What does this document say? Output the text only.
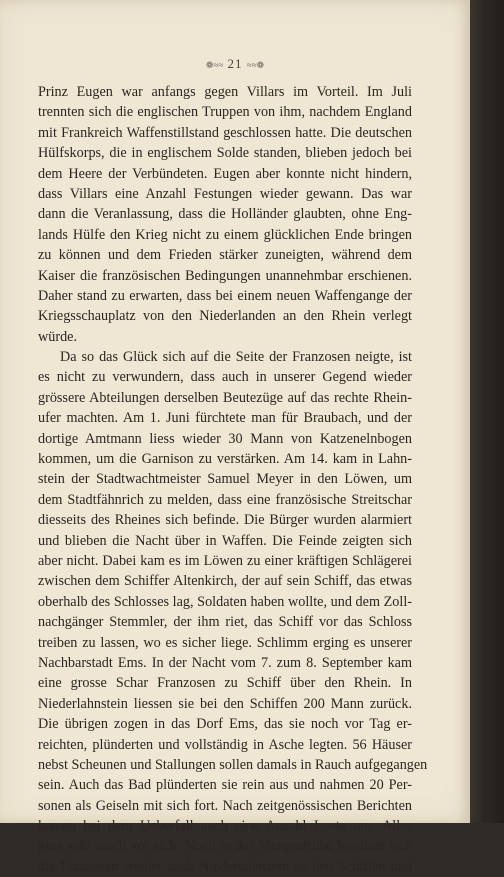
❁≈≈ 21 ≈≈❁

Prinz Eugen war anfangs gegen Villars im Vorteil. Im Juli
trennten sich die englischen Truppen von ihm, nachdem England
mit Frankreich Waffenstillstand geschlossen hatte. Die deutschen
Hülfskorps, die in englischem Solde standen, blieben jedoch bei
dem Heere der Verbündeten. Eugen aber konnte nicht hindern,
dass Villars eine Anzahl Festungen wieder gewann. Das war
dann die Veranlassung, dass die Holländer glaubten, ohne Eng-
lands Hülfe den Krieg nicht zu einem glücklichen Ende bringen
zu können und dem Frieden stärker zuneigten, während dem
Kaiser die französischen Bedingungen unannehmbar erschienen.
Daher stand zu erwarten, dass bei einem neuen Waffengange der
Kriegsschauplatz von den Niederlanden an den Rhein verlegt
würde.

Da so das Glück sich auf die Seite der Franzosen neigte, ist
es nicht zu verwundern, dass auch in unserer Gegend wieder
grössere Abteilungen derselben Beutezüge auf das rechte Rhein-
ufer machten. Am 1. Juni fürchtete man für Braubach, und der
dortige Amtmann liess wieder 30 Mann von Katzenelnbogen
kommen, um die Garnison zu verstärken. Am 14. kam in Lahn-
stein der Stadtwachtmeister Samuel Meyer in den Löwen, um
dem Stadtfähnrich zu melden, dass eine französische Streitschar
diesseits des Rheines sich befinde. Die Bürger wurden alarmiert
und blieben die Nacht über in Waffen. Die Feinde zeigten sich
aber nicht. Dabei kam es im Löwen zu einer kräftigen Schlägerei
zwischen dem Schiffer Altenkirch, der auf sein Schiff, das etwas
oberhalb des Schlosses lag, Soldaten haben wollte, und dem Zoll-
nachgänger Stemmler, der ihm riet, das Schiff vor das Schloss
treiben zu lassen, wo es sicher liege. Schlimm erging es unserer
Nachbarstadt Ems. In der Nacht vom 7. zum 8. September kam
eine grosse Schar Franzosen zu Schiff über den Rhein. In
Niederlahnstein liessen sie bei den Schiffen 200 Mann zurück.
Die übrigen zogen in das Dorf Ems, das sie noch vor Tag er-
reichten, plünderten und vollständig in Asche legten. 56 Häuser
nebst Scheunen und Stallungen sollen damals in Rauch aufgegangen
sein. Auch das Bad plünderten sie rein aus und nahmen 20 Per-
sonen als Geiseln mit sich fort. Nach zeitgenössischen Berichten
kamen bei dem Ueberfall auch eine Anzahl Leute um. Alles
ging sehr rasch vor sich. Noch in der Morgenfrühe begaben sich
die Franzosen wieder nach Niederlahnstein zu den Schiffen und
